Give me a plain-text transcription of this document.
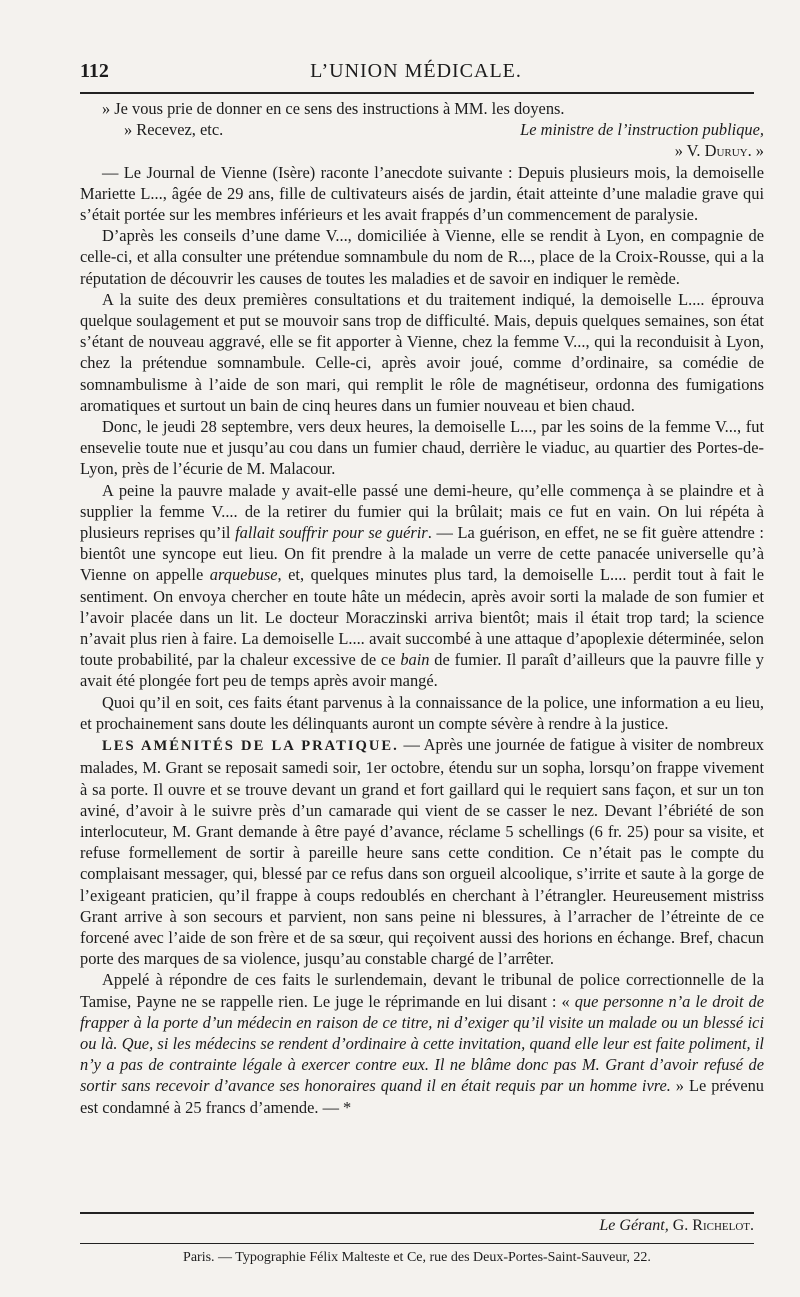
112	L’UNION MÉDICALE.

» Je vous prie de donner en ce sens des instructions à MM. les doyens.

» Recevez, etc.	Le ministre de l’instruction publique,

» V. Duruy. »

— Le Journal de Vienne (Isère) raconte l’anecdote suivante : Depuis plusieurs mois, la demoiselle Mariette L..., âgée de 29 ans, fille de cultivateurs aisés de jardin, était atteinte d’une maladie grave qui s’était portée sur les membres inférieurs et les avait frappés d’un commencement de paralysie.

D’après les conseils d’une dame V..., domiciliée à Vienne, elle se rendit à Lyon, en compagnie de celle-ci, et alla consulter une prétendue somnambule du nom de R..., place de la Croix-Rousse, qui a la réputation de découvrir les causes de toutes les maladies et de savoir en indiquer le remède.

A la suite des deux premières consultations et du traitement indiqué, la demoiselle L.... éprouva quelque soulagement et put se mouvoir sans trop de difficulté. Mais, depuis quelques semaines, son état s’étant de nouveau aggravé, elle se fit apporter à Vienne, chez la femme V..., qui la reconduisit à Lyon, chez la prétendue somnambule. Celle-ci, après avoir joué, comme d’ordinaire, sa comédie de somnambulisme à l’aide de son mari, qui remplit le rôle de magnétiseur, ordonna des fumigations aromatiques et surtout un bain de cinq heures dans un fumier nouveau et bien chaud.

Donc, le jeudi 28 septembre, vers deux heures, la demoiselle L..., par les soins de la femme V..., fut ensevelie toute nue et jusqu’au cou dans un fumier chaud, derrière le viaduc, au quartier des Portes-de-Lyon, près de l’écurie de M. Malacour.

A peine la pauvre malade y avait-elle passé une demi-heure, qu’elle commença à se plaindre et à supplier la femme V.... de la retirer du fumier qui la brûlait; mais ce fut en vain. On lui répéta à plusieurs reprises qu’il fallait souffrir pour se guérir. — La guérison, en effet, ne se fit guère attendre : bientôt une syncope eut lieu. On fit prendre à la malade un verre de cette panacée universelle qu’à Vienne on appelle arquebuse, et, quelques minutes plus tard, la demoiselle L.... perdit tout à fait le sentiment. On envoya chercher en toute hâte un médecin, après avoir sorti la malade de son fumier et l’avoir placée dans un lit. Le docteur Moraczinski arriva bientôt; mais il était trop tard; la science n’avait plus rien à faire. La demoiselle L.... avait succombé à une attaque d’apoplexie déterminée, selon toute probabilité, par la chaleur excessive de ce bain de fumier. Il paraît d’ailleurs que la pauvre fille y avait été plongée fort peu de temps après avoir mangé.

Quoi qu’il en soit, ces faits étant parvenus à la connaissance de la police, une information a eu lieu, et prochainement sans doute les délinquants auront un compte sévère à rendre à la justice.

LES AMÉNITÉS DE LA PRATIQUE. — Après une journée de fatigue à visiter de nombreux malades, M. Grant se reposait samedi soir, 1er octobre, étendu sur un sopha, lorsqu’on frappe vivement à sa porte. Il ouvre et se trouve devant un grand et fort gaillard qui le requiert sans façon, et sur un ton aviné, d’avoir à le suivre près d’un camarade qui vient de se casser le nez. Devant l’ébriété de son interlocuteur, M. Grant demande à être payé d’avance, réclame 5 schellings (6 fr. 25) pour sa visite, et refuse formellement de sortir à pareille heure sans cette condition. Ce n’était pas le compte du complaisant messager, qui, blessé par ce refus dans son orgueil alcoolique, s’irrite et saute à la gorge de l’exigeant praticien, qu’il frappe à coups redoublés en cherchant à l’étrangler. Heureusement mistriss Grant arrive à son secours et parvient, non sans peine ni blessures, à l’arracher de l’étreinte de ce forcené avec l’aide de son frère et de sa sœur, qui reçoivent aussi des horions en échange. Bref, chacun porte des marques de sa violence, jusqu’au constable chargé de l’arrêter.

Appelé à répondre de ces faits le surlendemain, devant le tribunal de police correctionnelle de la Tamise, Payne ne se rappelle rien. Le juge le réprimande en lui disant : « que personne n’a le droit de frapper à la porte d’un médecin en raison de ce titre, ni d’exiger qu’il visite un malade ou un blessé ici ou là. Que, si les médecins se rendent d’ordinaire à cette invitation, quand elle leur est faite poliment, il n’y a pas de contrainte légale à exercer contre eux. Il ne blâme donc pas M. Grant d’avoir refusé de sortir sans recevoir d’avance ses honoraires quand il en était requis par un homme ivre. » Le prévenu est condamné à 25 francs d’amende. — *

Le Gérant, G. Richelot.
Paris. — Typographie Félix Malteste et Ce, rue des Deux-Portes-Saint-Sauveur, 22.
